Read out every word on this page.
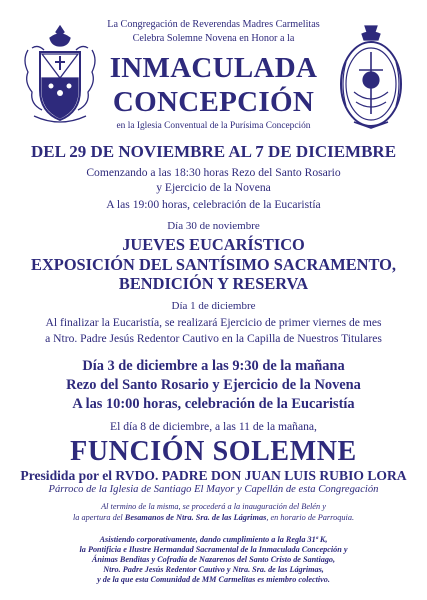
La Congregación de Reverendas Madres Carmelitas
Celebra Solemne Novena en Honor a la
INMACULADA
CONCEPCIÓN
en la Iglesia Conventual de la Purísima Concepción
DEL 29 DE NOVIEMBRE AL 7 DE DICIEMBRE
Comenzando a las 18:30 horas Rezo del Santo Rosario
y Ejercicio de la Novena
A las 19:00 horas, celebración de la Eucaristía
Día 30 de noviembre
JUEVES EUCARÍSTICO
EXPOSICIÓN DEL SANTÍSIMO SACRAMENTO,
BENDICIÓN Y RESERVA
Día 1 de diciembre
Al finalizar la Eucaristía, se realizará Ejercicio de primer viernes de mes
a Ntro. Padre Jesús Redentor Cautivo en la Capilla de Nuestros Titulares
Día 3 de diciembre a las 9:30 de la mañana
Rezo del Santo Rosario y Ejercicio de la Novena
A las 10:00 horas, celebración de la Eucaristía
El día 8 de diciembre, a las 11 de la mañana,
FUNCIÓN SOLEMNE
Presidida por el RVDO. PADRE DON JUAN LUIS RUBIO LORA
Párroco de la Iglesia de Santiago El Mayor y Capellán de esta Congregación
Al termino de la misma, se procederá a la inauguración del Belén y
la apertura del Besamanos de Ntra. Sra. de las Lágrimas, en horario de Parroquia.
Asistiendo corporativamente, dando cumplimiento a la Regla 31ª K,
la Pontificia e Ilustre Hermandad Sacramental de la Inmaculada Concepción y
Ánimas Benditas y Cofradía de Nazarenos del Santo Cristo de Santiago,
Ntro. Padre Jesús Redentor Cautivo y Ntra. Sra. de las Lágrimas,
y de la que esta Comunidad de MM Carmelitas es miembro colectivo.
